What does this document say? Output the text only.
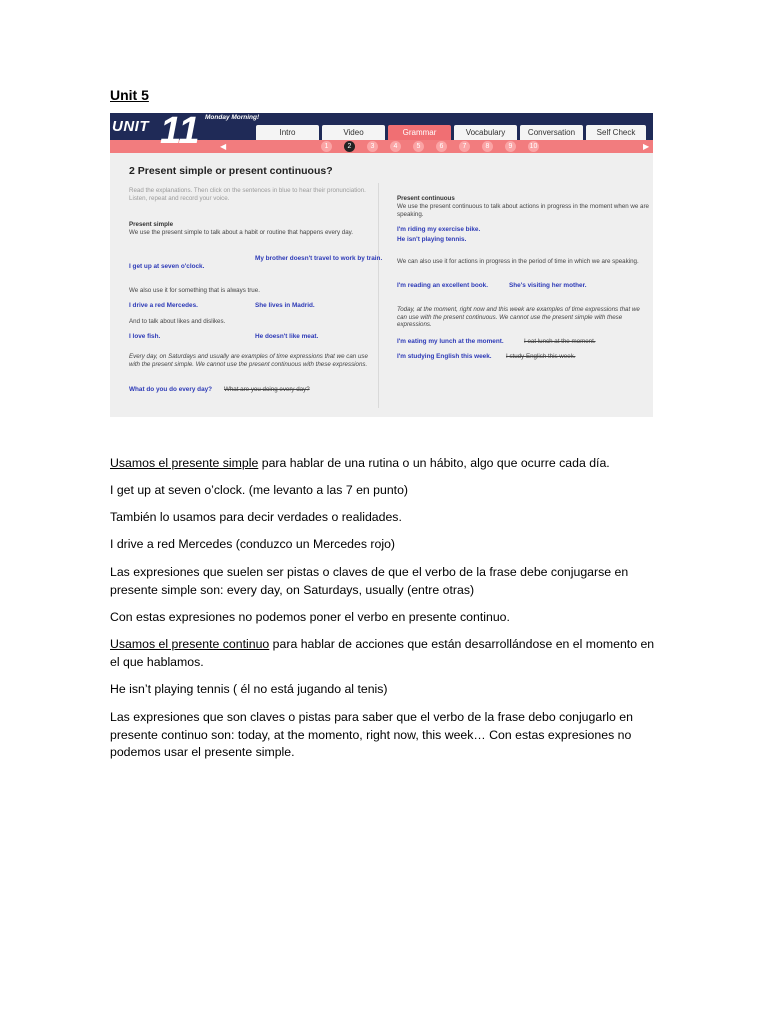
Unit 5
UNIT 11 Monday Morning!
Intro	Video	Grammar	Vocabulary	Conversation	Self Check
◀	1	2	3	4	5	6	7	8	9	10	▶
2 Present simple or present continuous?
Read the explanations. Then click on the sentences in blue to hear their pronunciation. Listen, repeat and record your voice.
Present simple
We use the present simple to talk about a habit or routine that happens every day.
I get up at seven o'clock.
My brother doesn't travel to work by train.
We also use it for something that is always true.
I drive a red Mercedes.	She lives in Madrid.
And to talk about likes and dislikes.
I love fish.	He doesn't like meat.
Every day, on Saturdays and usually are examples of time expressions that we can use with the present simple. We cannot use the present continuous with these expressions.
What do you do every day? What are you doing every day?
Present continuous
We use the present continuous to talk about actions in progress in the moment when we are speaking.
I'm riding my exercise bike.
He isn't playing tennis.
We can also use it for actions in progress in the period of time in which we are speaking.
I'm reading an excellent book.	She's visiting her mother.
Today, at the moment, right now and this week are examples of time expressions that we can use with the present continuous. We cannot use the present simple with these expressions.
I'm eating my lunch at the moment.	I eat lunch at the moment.
I'm studying English this week. I study English this week.
Usamos el presente simple para hablar de una rutina o un hábito, algo que ocurre cada día.
I get up at seven o’clock. (me levanto a las 7 en punto)
También lo usamos para decir verdades o realidades.
I drive a red Mercedes (conduzco un Mercedes rojo)
Las expresiones que suelen ser pistas o claves de que el verbo de la frase debe conjugarse en presente simple son: every day, on Saturdays, usually (entre otras)
Con estas expresiones no podemos poner el verbo en presente continuo.
Usamos el presente continuo para hablar de acciones que están desarrollándose en el momento en el que hablamos.
He isn’t playing tennis ( él no está jugando al tenis)
Las expresiones que son claves o pistas para saber que el verbo de la frase debo conjugarlo en presente continuo son: today, at the momento, right now, this week… Con estas expresiones no podemos usar el presente simple.
